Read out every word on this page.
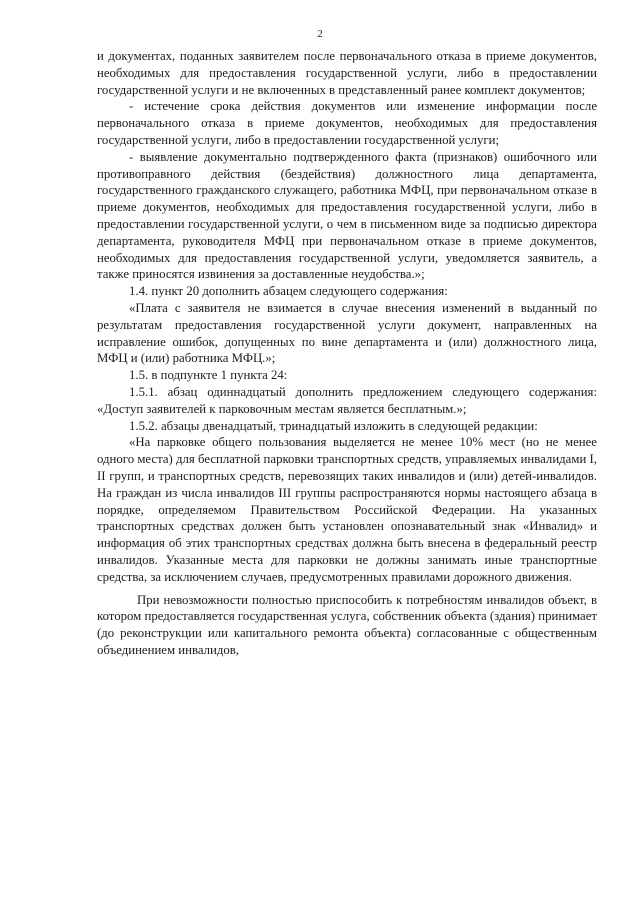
2

и документах, поданных заявителем после первоначального отказа в приеме документов, необходимых для предоставления государственной услуги, либо в предоставлении государственной услуги и не включенных в представленный ранее комплект документов;

- истечение срока действия документов или изменение информации после первоначального отказа в приеме документов, необходимых для предоставления государственной услуги, либо в предоставлении государственной услуги;

- выявление документально подтвержденного факта (признаков) ошибочного или противоправного действия (бездействия) должностного лица департамента, государственного гражданского служащего, работника МФЦ, при первоначальном отказе в приеме документов, необходимых для предоставления государственной услуги, либо в предоставлении государственной услуги, о чем в письменном виде за подписью директора департамента, руководителя МФЦ при первоначальном отказе в приеме документов, необходимых для предоставления государственной услуги, уведомляется заявитель, а также приносятся извинения за доставленные неудобства.»;

1.4. пункт 20 дополнить абзацем следующего содержания:

«Плата с заявителя не взимается в случае внесения изменений в выданный по результатам предоставления государственной услуги документ, направленных на исправление ошибок, допущенных по вине департамента и (или) должностного лица, МФЦ и (или) работника МФЦ.»;

1.5. в подпункте 1 пункта 24:

1.5.1. абзац одиннадцатый дополнить предложением следующего содержания: «Доступ заявителей к парковочным местам является бесплатным.»;

1.5.2. абзацы двенадцатый, тринадцатый изложить в следующей редакции:

«На парковке общего пользования выделяется не менее 10% мест (но не менее одного места) для бесплатной парковки транспортных средств, управляемых инвалидами I, II групп, и транспортных средств, перевозящих таких инвалидов и (или) детей-инвалидов. На граждан из числа инвалидов III группы распространяются нормы настоящего абзаца в порядке, определяемом Правительством Российской Федерации. На указанных транспортных средствах должен быть установлен опознавательный знак «Инвалид» и информация об этих транспортных средствах должна быть внесена в федеральный реестр инвалидов. Указанные места для парковки не должны занимать иные транспортные средства, за исключением случаев, предусмотренных правилами дорожного движения.

При невозможности полностью приспособить к потребностям инвалидов объект, в котором предоставляется государственная услуга, собственник объекта (здания) принимает (до реконструкции или капитального ремонта объекта) согласованные с общественным объединением инвалидов,
